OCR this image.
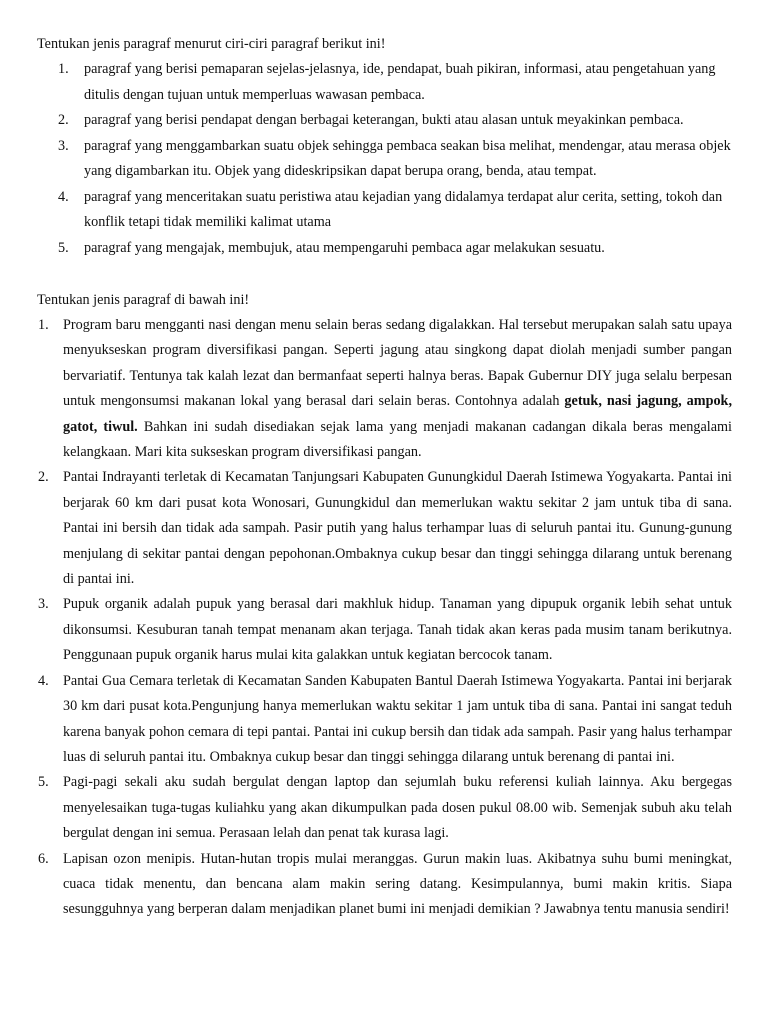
Tentukan jenis paragraf menurut ciri-ciri paragraf berikut ini!

1. paragraf yang berisi pemaparan sejelas-jelasnya, ide, pendapat, buah pikiran, informasi, atau pengetahuan yang ditulis dengan tujuan untuk memperluas wawasan pembaca.
2. paragraf yang berisi pendapat dengan berbagai keterangan, bukti atau alasan untuk meyakinkan pembaca.
3. paragraf yang menggambarkan suatu objek sehingga pembaca seakan bisa melihat, mendengar, atau merasa objek yang digambarkan itu. Objek yang dideskripsikan dapat berupa orang, benda, atau tempat.
4. paragraf yang menceritakan suatu peristiwa atau kejadian yang didalamya terdapat alur cerita, setting, tokoh dan konflik tetapi tidak memiliki kalimat utama
5. paragraf yang mengajak, membujuk, atau mempengaruhi pembaca agar melakukan sesuatu.

Tentukan jenis paragraf di bawah ini!

1. Program baru mengganti nasi dengan menu selain beras sedang digalakkan. Hal tersebut merupakan salah satu upaya menyukseskan program diversifikasi pangan. Seperti jagung atau singkong dapat diolah menjadi sumber pangan bervariatif. Tentunya tak kalah lezat dan bermanfaat seperti halnya beras. Bapak Gubernur DIY juga selalu berpesan untuk mengonsumsi makanan lokal yang berasal dari selain beras. Contohnya adalah getuk, nasi jagung, ampok, gatot, tiwul. Bahkan ini sudah disediakan sejak lama yang menjadi makanan cadangan dikala beras mengalami kelangkaan. Mari kita sukseskan program diversifikasi pangan.
2. Pantai Indrayanti terletak di Kecamatan Tanjungsari Kabupaten Gunungkidul Daerah Istimewa Yogyakarta. Pantai ini berjarak 60 km dari pusat kota Wonosari, Gunungkidul dan memerlukan waktu sekitar 2 jam untuk tiba di sana. Pantai ini bersih dan tidak ada sampah. Pasir putih yang halus terhampar luas di seluruh pantai itu. Gunung-gunung menjulang di sekitar pantai dengan pepohonan.Ombaknya cukup besar dan tinggi sehingga dilarang untuk berenang di pantai ini.
3. Pupuk organik adalah pupuk yang berasal dari makhluk hidup. Tanaman yang dipupuk organik lebih sehat untuk dikonsumsi. Kesuburan tanah tempat menanam akan terjaga. Tanah tidak akan keras pada musim tanam berikutnya. Penggunaan pupuk organik harus mulai kita galakkan untuk kegiatan bercocok tanam.
4. Pantai Gua Cemara terletak di Kecamatan Sanden Kabupaten Bantul Daerah Istimewa Yogyakarta. Pantai ini berjarak 30 km dari pusat kota.Pengunjung hanya memerlukan waktu sekitar 1 jam untuk tiba di sana. Pantai ini sangat teduh karena banyak pohon cemara di tepi pantai. Pantai ini cukup bersih dan tidak ada sampah. Pasir yang halus terhampar luas di seluruh pantai itu. Ombaknya cukup besar dan tinggi sehingga dilarang untuk berenang di pantai ini.
5. Pagi-pagi sekali aku sudah bergulat dengan laptop dan sejumlah buku referensi kuliah lainnya. Aku bergegas menyelesaikan tuga-tugas kuliahku yang akan dikumpulkan pada dosen pukul 08.00 wib. Semenjak subuh aku telah bergulat dengan ini semua. Perasaan lelah dan penat tak kurasa lagi.
6. Lapisan ozon menipis. Hutan-hutan tropis mulai meranggas. Gurun makin luas. Akibatnya suhu bumi meningkat, cuaca tidak menentu, dan bencana alam makin sering datang. Kesimpulannya, bumi makin kritis. Siapa sesungguhnya yang berperan dalam menjadikan planet bumi ini menjadi demikian ? Jawabnya tentu manusia sendiri!
